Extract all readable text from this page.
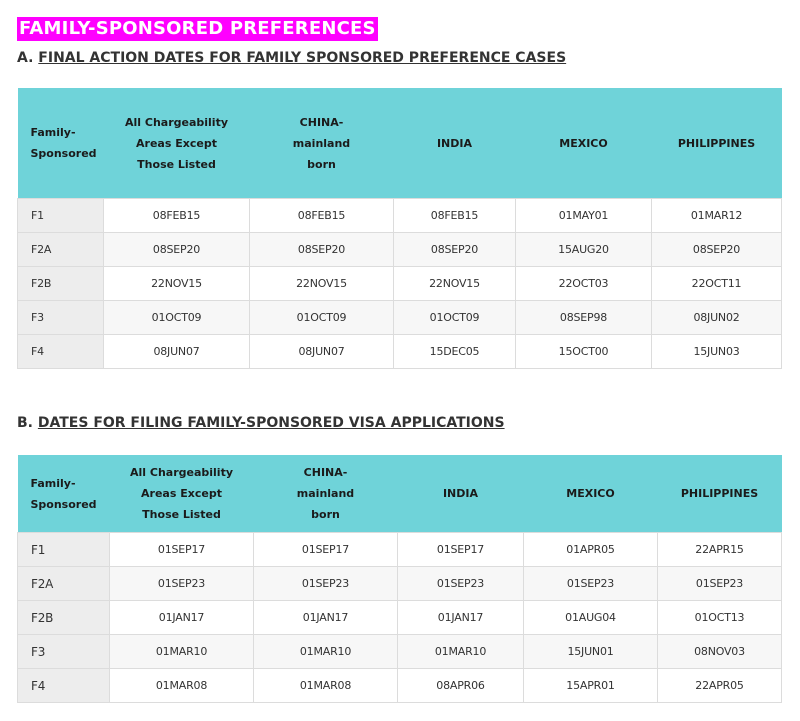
FAMILY-SPONSORED PREFERENCES
A. FINAL ACTION DATES FOR FAMILY SPONSORED PREFERENCE CASES
Family-
Sponsored	All Chargeability
Areas Except
Those Listed	CHINA-
mainland
born	INDIA	MEXICO	PHILIPPINES
F1	08FEB15	08FEB15	08FEB15	01MAY01	01MAR12
F2A	08SEP20	08SEP20	08SEP20	15AUG20	08SEP20
F2B	22NOV15	22NOV15	22NOV15	22OCT03	22OCT11
F3	01OCT09	01OCT09	01OCT09	08SEP98	08JUN02
F4	08JUN07	08JUN07	15DEC05	15OCT00	15JUN03
B. DATES FOR FILING FAMILY-SPONSORED VISA APPLICATIONS
Family-
Sponsored	All Chargeability
Areas Except
Those Listed	CHINA-
mainland
born	INDIA	MEXICO	PHILIPPINES
F1	01SEP17	01SEP17	01SEP17	01APR05	22APR15
F2A	01SEP23	01SEP23	01SEP23	01SEP23	01SEP23
F2B	01JAN17	01JAN17	01JAN17	01AUG04	01OCT13
F3	01MAR10	01MAR10	01MAR10	15JUN01	08NOV03
F4	01MAR08	01MAR08	08APR06	15APR01	22APR05
